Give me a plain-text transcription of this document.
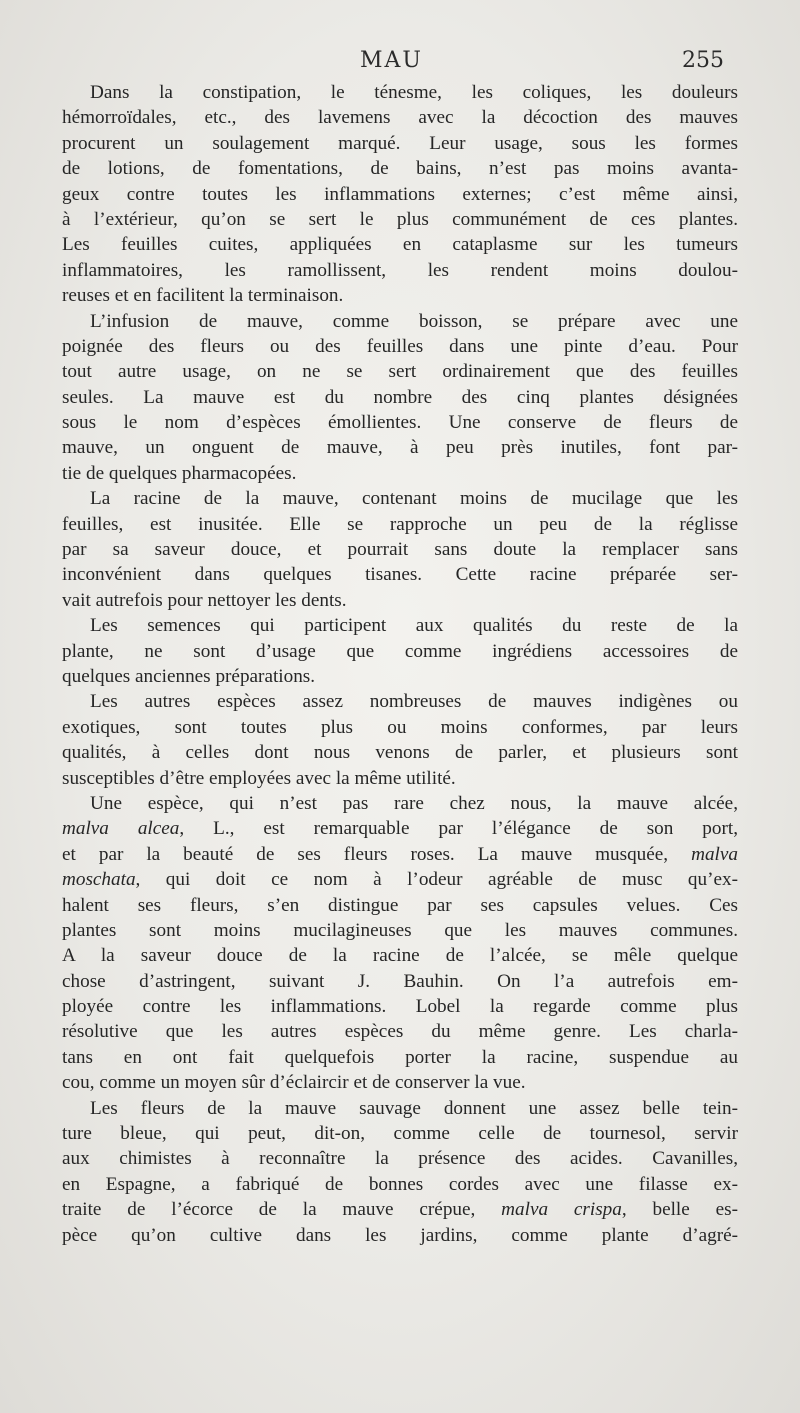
MAU	255
Dans la constipation, le ténesme, les coliques, les douleurs
hémorroïdales, etc., des lavemens avec la décoction des mauves
procurent un soulagement marqué. Leur usage, sous les formes
de lotions, de fomentations, de bains, n’est pas moins avanta-
geux contre toutes les inflammations externes; c’est même ainsi,
à l’extérieur, qu’on se sert le plus communément de ces plantes.
Les feuilles cuites, appliquées en cataplasme sur les tumeurs
inflammatoires, les ramollissent, les rendent moins doulou-
reuses et en facilitent la terminaison.
L’infusion de mauve, comme boisson, se prépare avec une
poignée des fleurs ou des feuilles dans une pinte d’eau. Pour
tout autre usage, on ne se sert ordinairement que des feuilles
seules. La mauve est du nombre des cinq plantes désignées
sous le nom d’espèces émollientes. Une conserve de fleurs de
mauve, un onguent de mauve, à peu près inutiles, font par-
tie de quelques pharmacopées.
La racine de la mauve, contenant moins de mucilage que les
feuilles, est inusitée. Elle se rapproche un peu de la réglisse
par sa saveur douce, et pourrait sans doute la remplacer sans
inconvénient dans quelques tisanes. Cette racine préparée ser-
vait autrefois pour nettoyer les dents.
Les semences qui participent aux qualités du reste de la
plante, ne sont d’usage que comme ingrédiens accessoires de
quelques anciennes préparations.
Les autres espèces assez nombreuses de mauves indigènes ou
exotiques, sont toutes plus ou moins conformes, par leurs
qualités, à celles dont nous venons de parler, et plusieurs sont
susceptibles d’être employées avec la même utilité.
Une espèce, qui n’est pas rare chez nous, la mauve alcée,
malva alcea, L., est remarquable par l’élégance de son port,
et par la beauté de ses fleurs roses. La mauve musquée, malva
moschata, qui doit ce nom à l’odeur agréable de musc qu’ex-
halent ses fleurs, s’en distingue par ses capsules velues. Ces
plantes sont moins mucilagineuses que les mauves communes.
A la saveur douce de la racine de l’alcée, se mêle quelque
chose d’astringent, suivant J. Bauhin. On l’a autrefois em-
ployée contre les inflammations. Lobel la regarde comme plus
résolutive que les autres espèces du même genre. Les charla-
tans en ont fait quelquefois porter la racine, suspendue au
cou, comme un moyen sûr d’éclaircir et de conserver la vue.
Les fleurs de la mauve sauvage donnent une assez belle tein-
ture bleue, qui peut, dit-on, comme celle de tournesol, servir
aux chimistes à reconnaître la présence des acides. Cavanilles,
en Espagne, a fabriqué de bonnes cordes avec une filasse ex-
traite de l’écorce de la mauve crépue, malva crispa, belle es-
pèce qu’on cultive dans les jardins, comme plante d’agré-
